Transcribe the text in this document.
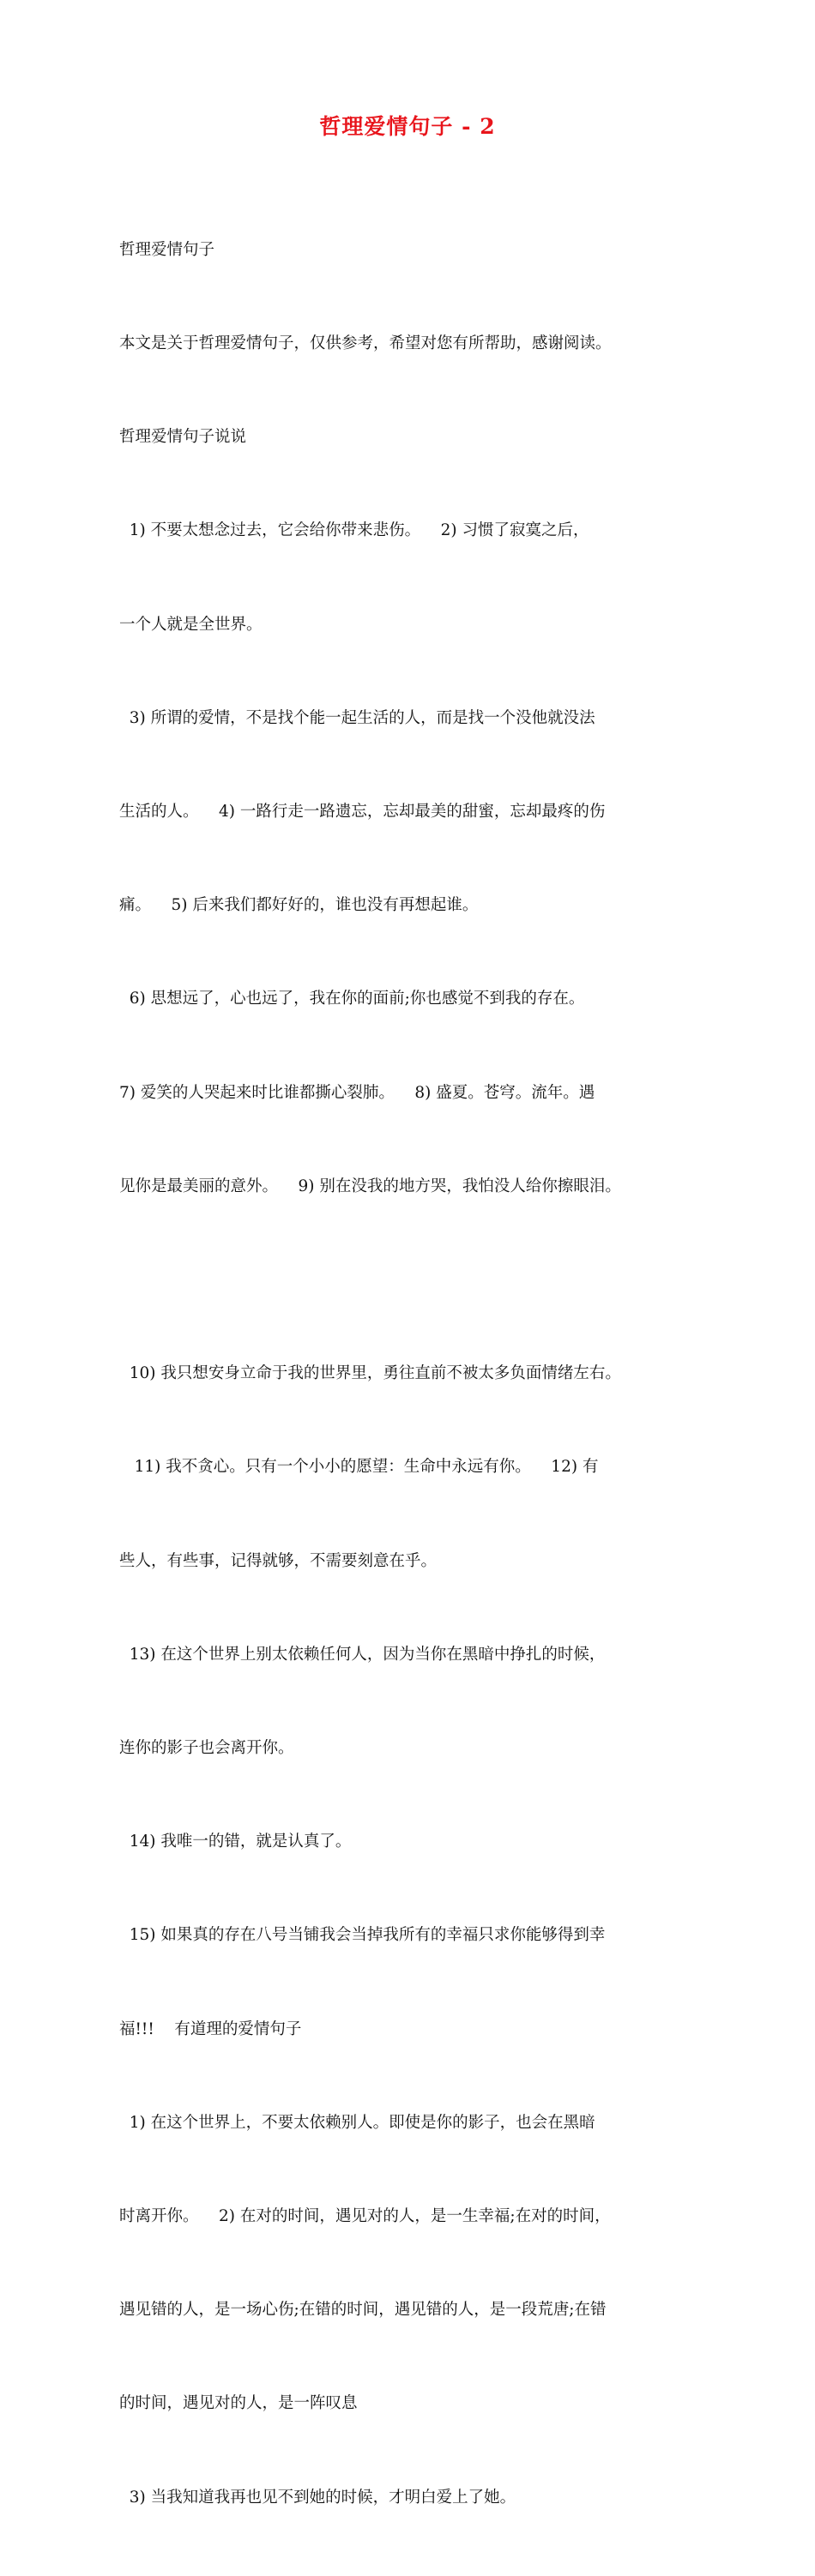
哲理爱情句子 - 2

哲理爱情句子

本文是关于哲理爱情句子，仅供参考，希望对您有所帮助，感谢阅读。

哲理爱情句子说说

1) 不要太想念过去，它会给你带来悲伤。    2) 习惯了寂寞之后，

一个人就是全世界。

3) 所谓的爱情，不是找个能一起生活的人，而是找一个没他就没法

生活的人。    4) 一路行走一路遗忘，忘却最美的甜蜜，忘却最疼的伤

痛。    5) 后来我们都好好的，谁也没有再想起谁。

6) 思想远了，心也远了，我在你的面前;你也感觉不到我的存在。

7) 爱笑的人哭起来时比谁都撕心裂肺。    8) 盛夏。苍穹。流年。遇

见你是最美丽的意外。    9) 别在没我的地方哭，我怕没人给你擦眼泪。

10) 我只想安身立命于我的世界里，勇往直前不被太多负面情绪左右。

11) 我不贪心。只有一个小小的愿望：生命中永远有你。    12) 有

些人，有些事，记得就够，不需要刻意在乎。

13) 在这个世界上别太依赖任何人，因为当你在黑暗中挣扎的时候，

连你的影子也会离开你。

14) 我唯一的错，就是认真了。

15) 如果真的存在八号当铺我会当掉我所有的幸福只求你能够得到幸

福!!!    有道理的爱情句子

1) 在这个世界上，不要太依赖别人。即使是你的影子，也会在黑暗

时离开你。    2) 在对的时间，遇见对的人，是一生幸福;在对的时间，

遇见错的人，是一场心伤;在错的时间，遇见错的人，是一段荒唐;在错

的时间，遇见对的人，是一阵叹息

3) 当我知道我再也见不到她的时候，才明白爱上了她。
